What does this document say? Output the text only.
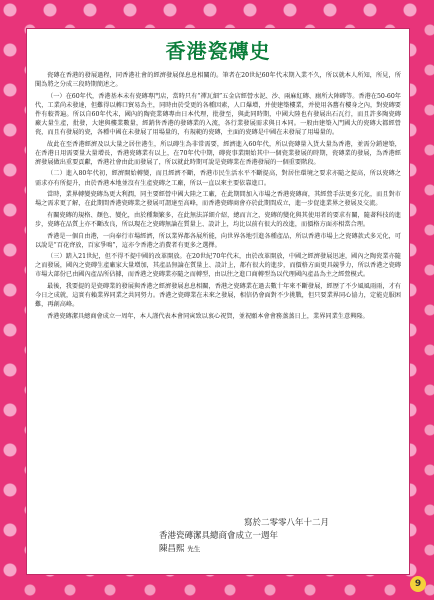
香港瓷磚史

瓷磚在香港的發展過程，同香港社會的經濟發展保息息相關的。筆者在20世紀60年代末期入業不久，所以就本人所知，所見，所聞為將之分成三段時期簡述之。

（一）在60年代，香港基本未有瓷磚專門店，當時只有“禪瓦細”五金店經營水泥、沙、兩麻紅磚、廁所大陣磚等。香港在50-60年代，工業尚未發達，但難得以轉口貿易為主，同時由於受更的各種因素，人口爆增，并使建築樓業，并使用各舊有樓身之內，對瓷磚要件有較普遍。所以自60年代末，國內的陶瓷業磚專由日本代理，批發至，與此同時期，中國大陸也有發展出石瓦行，而且許多陶瓷磚廠大量生產，批發，大建與樓業數量，經銷售香港的發磚業的入流，各行業發展需求與日本同。一般由建築入門國大的瓷磚大都經營瓷，而且有發展的瓷，各種中國在未發展了用場量的，有規範的瓷磚，主面的瓷磚是中國在未發展了用場量的。

故此在至香港經濟及以大量之居住港生，所以磚生為非常需要，經濟進入60年代，所以瓷磚量入貨大量為香港，並需分銷建築，在香港日用需要量大量增長，香港瓷磚業有以上，在70年代中期，磚瓷事業開始其中一個瓷業發展的時期，瓷磚業的發展，為香港經濟發展做出重要貢獻，香港社會由此而發展了，所以就此時期可說是瓷磚業在香港發展的一個重要階段。

（二）進入80年代初，經濟開始轉變，而且經濟不斷，香港市民生活水平不斷提高，對居住環境之要求亦隨之提高，所以瓷磚之需求亦有所提升，由於香港本地並沒有生產瓷磚之工廠，所以一直以來主要依靠進口。

當時，業界轉變瓷磚為更大利潤，同主要經營中國大陸之工廠，在此期間加入市場之香港瓷磚商，其經營手法更多元化，而且對市場之需求更了解，在此期間香港瓷磚業之發展可謂達至高峰，而香港瓷磚商會亦於此期間成立，進一步促進業界之發展及交流。

有關瓷磚的規格、顏色、變化，由於種類繁多，在此無法詳細介紹，總而言之，瓷磚的變化與其使用者的要求有關，隨著科技的進步，瓷磚在品質上亦不斷改良，所以現在之瓷磚無論在質量上、設計上，均比以前有很大的改進，而價格方面亦相當合理。

香港是一個自由港，一向奉行市場經濟，所以業界都各展所能，向世界各地引進各種產品，所以香港市場上之瓷磚款式多元化，可以說是“百花齊放，百家爭鳴”，這亦令香港之消費者有更多之選擇。

（三）踏入21世紀，但不得不提中國的改革開放。在20世紀70年代末，由於改革開放，中國之經濟發展迅速，國內之陶瓷業亦隨之而發展，國內之瓷磚生產廠家大量增加，其產品無論在質量上、設計上，都有很大的進步，而價格方面更具競爭力，所以香港之瓷磚市場大部份已由國內產品所佔據，而香港之瓷磚業亦隨之而轉型，由以往之進口商轉型為以代理國內產品為主之經營模式。

最後，我要提的是瓷磚業的發展與香港之經濟發展息息相關，香港之瓷磚業在過去數十年來不斷發展，經歷了不少風風雨雨，才有今日之成就，這實有賴業界同業之共同努力。香港之瓷磚業在未來之發展，相信仍會面對不少挑戰，但只要業界同心協力，定能克服困難，再創高峰。

香港瓷磚潔具總商會成立一周年，本人謹代表本會同寅致以衷心祝賀，並祝願本會會務蒸蒸日上，業界同業生意興隆。

寫於二零零八年十二月
香港瓷磚潔具總商會成立一週年
陳昌熙 先生
9
